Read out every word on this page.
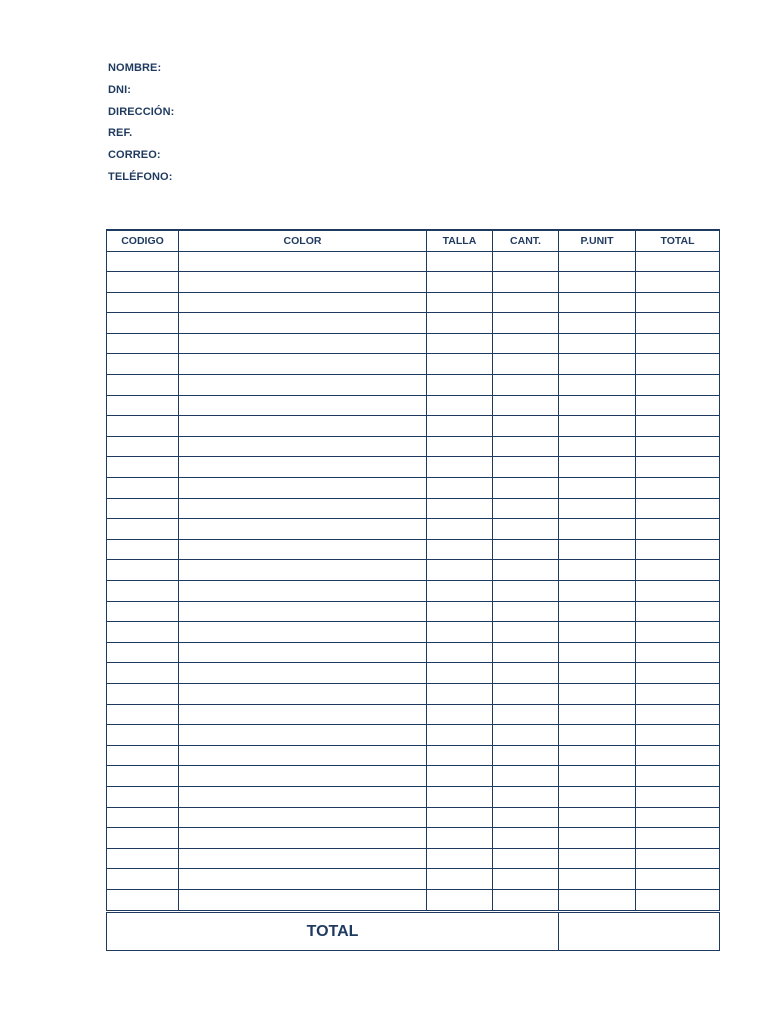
NOMBRE:
DNI:
DIRECCIÓN:
REF.
CORREO:
TELÉFONO:
CODIGO	COLOR	TALLA	CANT.	P.UNIT	TOTAL

TOTAL	
